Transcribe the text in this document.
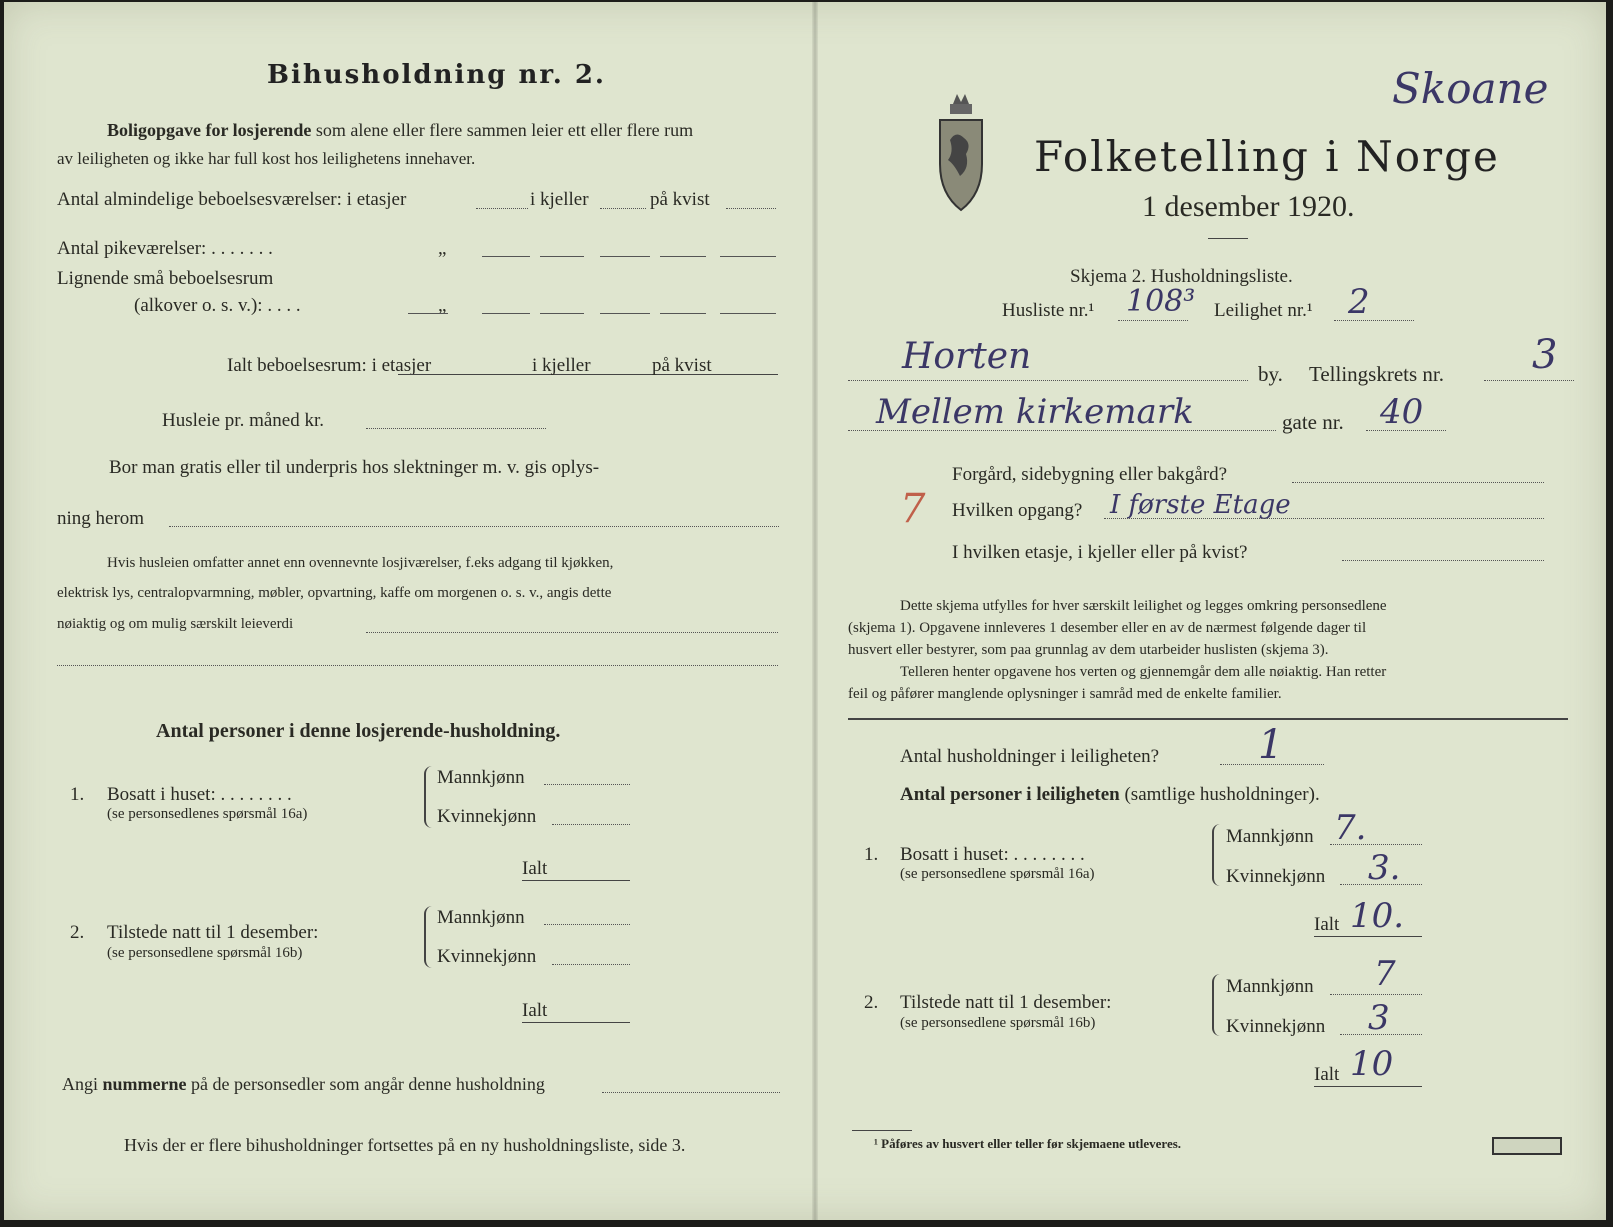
Bihusholdning nr. 2.
Boligopgave for losjerende som alene eller flere sammen leier ett eller flere rum
av leiligheten og ikke har full kost hos leilighetens innehaver.
Antal almindelige beboelsesværelser: i etasjer	i kjeller	på kvist
Antal pikeværelser: . . . . . . .	„
Lignende små beboelsesrum
(alkover o. s. v.): . . . .	„
Ialt beboelsesrum: i etasjer	i kjeller	på kvist
Husleie pr. måned kr.
Bor man gratis eller til underpris hos slektninger m. v. gis oplys-
ning herom
Hvis husleien omfatter annet enn ovennevnte losjiværelser, f.eks adgang til kjøkken,
elektrisk lys, centralopvarmning, møbler, opvartning, kaffe om morgenen o. s. v., angis dette
nøiaktig og om mulig særskilt leieverdi
Antal personer i denne losjerende-husholdning.
1. Bosatt i huset: . . . . . . . .
(se personsedlenes spørsmål 16a)
Mannkjønn
Kvinnekjønn
Ialt
2. Tilstede natt til 1 desember:
(se personsedlene spørsmål 16b)
Mannkjønn
Kvinnekjønn
Ialt
Angi nummerne på de personsedler som angår denne husholdning
Hvis der er flere bihusholdninger fortsettes på en ny husholdningsliste, side 3.
Skoane
Folketelling i Norge
1 desember 1920.
Skjema 2. Husholdningsliste.
Husliste nr.¹ 108³ Leilighet nr.¹ 2
Horten	by. Tellingskrets nr. 3
Mellem kirkemark	gate nr. 40
Forgård, sidebygning eller bakgård?
7 Hvilken opgang? I første Etage
I hvilken etasje, i kjeller eller på kvist?
Dette skjema utfylles for hver særskilt leilighet og legges omkring personsedlene
(skjema 1). Opgavene innleveres 1 desember eller en av de nærmest følgende dager til
husvert eller bestyrer, som paa grunnlag av dem utarbeider huslisten (skjema 3).
Telleren henter opgavene hos verten og gjennemgår dem alle nøiaktig. Han retter
feil og påfører manglende oplysninger i samråd med de enkelte familier.
Antal husholdninger i leiligheten? 1
Antal personer i leiligheten (samtlige husholdninger).
1. Bosatt i huset: . . . . . . . .
(se personsedlene spørsmål 16a)
Mannkjønn 7.
Kvinnekjønn 3.
Ialt 10.
2. Tilstede natt til 1 desember:
(se personsedlene spørsmål 16b)
Mannkjønn 7
Kvinnekjønn 3
Ialt 10
¹ Påføres av husvert eller teller før skjemaene utleveres.
